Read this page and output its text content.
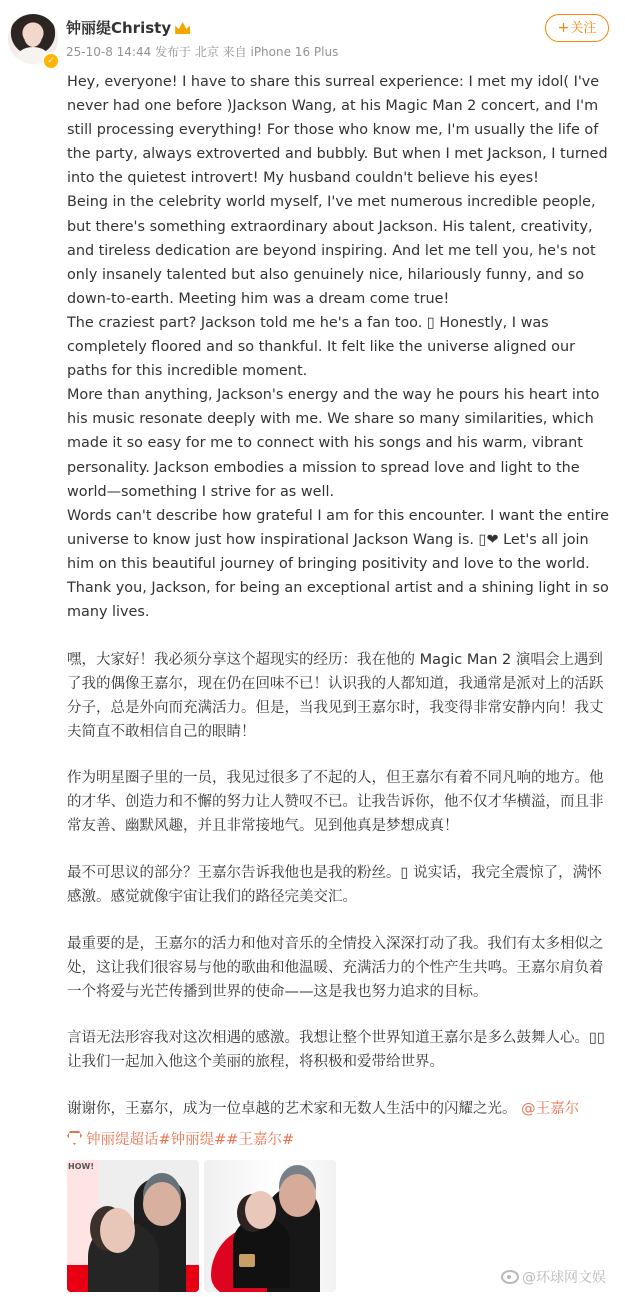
✓
钟丽缇Christy
25-10-8 14:44 发布于 北京 来自 iPhone 16 Plus
+关注
Hey, everyone! I have to share this surreal experience: I met my idol( I've
never had one before )Jackson Wang, at his Magic Man 2 concert, and I'm
still processing everything! For those who know me, I'm usually the life of
the party, always extroverted and bubbly. But when I met Jackson, I turned
into the quietest introvert! My husband couldn't believe his eyes!
Being in the celebrity world myself, I've met numerous incredible people,
but there's something extraordinary about Jackson. His talent, creativity,
and tireless dedication are beyond inspiring. And let me tell you, he's not
only insanely talented but also genuinely nice, hilariously funny, and so
down-to-earth. Meeting him was a dream come true!
The craziest part? Jackson told me he's a fan too. ▯ Honestly, I was
completely floored and so thankful. It felt like the universe aligned our
paths for this incredible moment.
More than anything, Jackson's energy and the way he pours his heart into
his music resonate deeply with me. We share so many similarities, which
made it so easy for me to connect with his songs and his warm, vibrant
personality. Jackson embodies a mission to spread love and light to the
world—something I strive for as well.
Words can't describe how grateful I am for this encounter. I want the entire
universe to know just how inspirational Jackson Wang is. ▯❤ Let's all join
him on this beautiful journey of bringing positivity and love to the world.
Thank you, Jackson, for being an exceptional artist and a shining light in so
many lives.
嘿，大家好！我必须分享这个超现实的经历：我在他的 Magic Man 2 演唱会上遇到了我的偶像王嘉尔，现在仍在回味不已！认识我的人都知道，我通常是派对上的活跃分子，总是外向而充满活力。但是，当我见到王嘉尔时，我变得非常安静内向！我丈夫简直不敢相信自己的眼睛！
作为明星圈子里的一员，我见过很多了不起的人，但王嘉尔有着不同凡响的地方。他的才华、创造力和不懈的努力让人赞叹不已。让我告诉你，他不仅才华横溢，而且非常友善、幽默风趣，并且非常接地气。见到他真是梦想成真！
最不可思议的部分？王嘉尔告诉我他也是我的粉丝。▯ 说实话，我完全震惊了，满怀感激。感觉就像宇宙让我们的路径完美交汇。
最重要的是，王嘉尔的活力和他对音乐的全情投入深深打动了我。我们有太多相似之处，这让我们很容易与他的歌曲和他温暖、充满活力的个性产生共鸣。王嘉尔肩负着一个将爱与光芒传播到世界的使命——这是我也努力追求的目标。
言语无法形容我对这次相遇的感激。我想让整个世界知道王嘉尔是多么鼓舞人心。▯▯ 让我们一起加入他这个美丽的旅程，将积极和爱带给世界。
谢谢你，王嘉尔，成为一位卓越的艺术家和无数人生活中的闪耀之光。 @王嘉尔
钟丽缇超话#钟丽缇##王嘉尔#
HOW!
@环球网文娱
